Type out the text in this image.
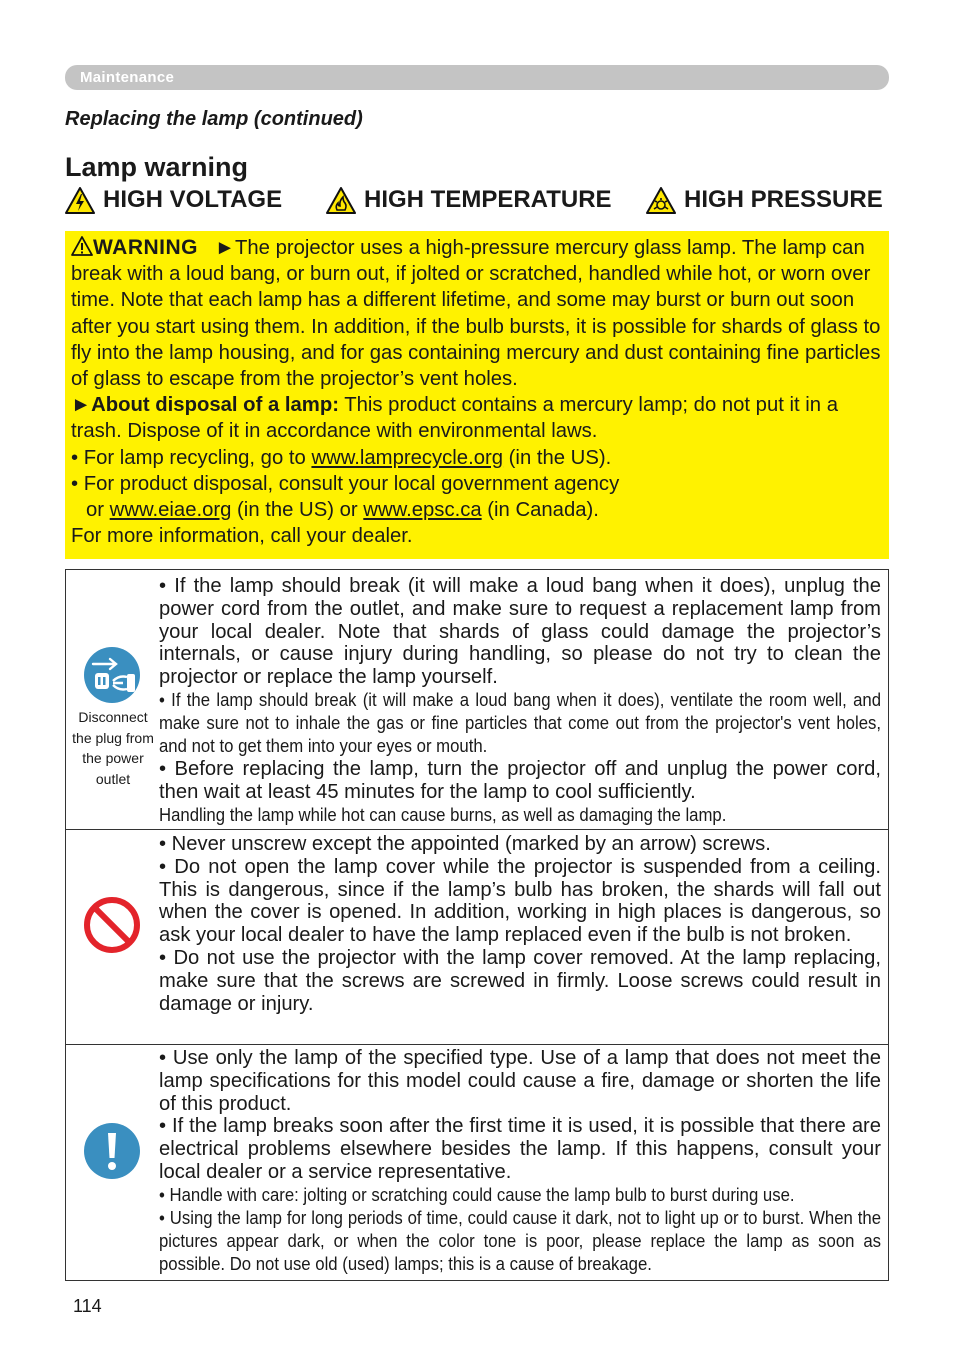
Maintenance
Replacing the lamp (continued)
Lamp warning
HIGH VOLTAGE	HIGH TEMPERATURE	HIGH PRESSURE

WARNING ►The projector uses a high-pressure mercury glass lamp. The lamp can break with a loud bang, or burn out, if jolted or scratched, handled while hot, or worn over time. Note that each lamp has a different lifetime, and some may burst or burn out soon after you start using them. In addition, if the bulb bursts, it is possible for shards of glass to fly into the lamp housing, and for gas containing mercury and dust containing fine particles of glass to escape from the projector’s vent holes.

►About disposal of a lamp: This product contains a mercury lamp; do not put it in a trash. Dispose of it in accordance with environmental laws.

• For lamp recycling, go to www.lamprecycle.org (in the US).

• For product disposal, consult your local government agency

or www.eiae.org (in the US) or www.epsc.ca (in Canada).

For more information, call your dealer.

Disconnect the plug from the power outlet

• If the lamp should break (it will make a loud bang when it does), unplug the power cord from the outlet, and make sure to request a replacement lamp from your local dealer. Note that shards of glass could damage the projector’s internals, or cause injury during handling, so please do not try to clean the projector or replace the lamp yourself.

• If the lamp should break (it will make a loud bang when it does), ventilate the room well, and make sure not to inhale the gas or fine particles that come out from the projector's vent holes, and not to get them into your eyes or mouth.

• Before replacing the lamp, turn the projector off and unplug the power cord, then wait at least 45 minutes for the lamp to cool sufficiently.

Handling the lamp while hot can cause burns, as well as damaging the lamp.

• Never unscrew except the appointed (marked by an arrow) screws.

• Do not open the lamp cover while the projector is suspended from a ceiling. This is dangerous, since if the lamp’s bulb has broken, the shards will fall out when the cover is opened. In addition, working in high places is dangerous, so ask your local dealer to have the lamp replaced even if the bulb is not broken.

• Do not use the projector with the lamp cover removed. At the lamp replacing, make sure that the screws are screwed in firmly. Loose screws could result in damage or injury.

• Use only the lamp of the specified type. Use of a lamp that does not meet the lamp specifications for this model could cause a fire, damage or shorten the life of this product.

• If the lamp breaks soon after the first time it is used, it is possible that there are electrical problems elsewhere besides the lamp. If this happens, consult your local dealer or a service representative.

• Handle with care: jolting or scratching could cause the lamp bulb to burst during use.

• Using the lamp for long periods of time, could cause it dark, not to light up or to burst. When the pictures appear dark, or when the color tone is poor, please replace the lamp as soon as possible. Do not use old (used) lamps; this is a cause of breakage.

114
